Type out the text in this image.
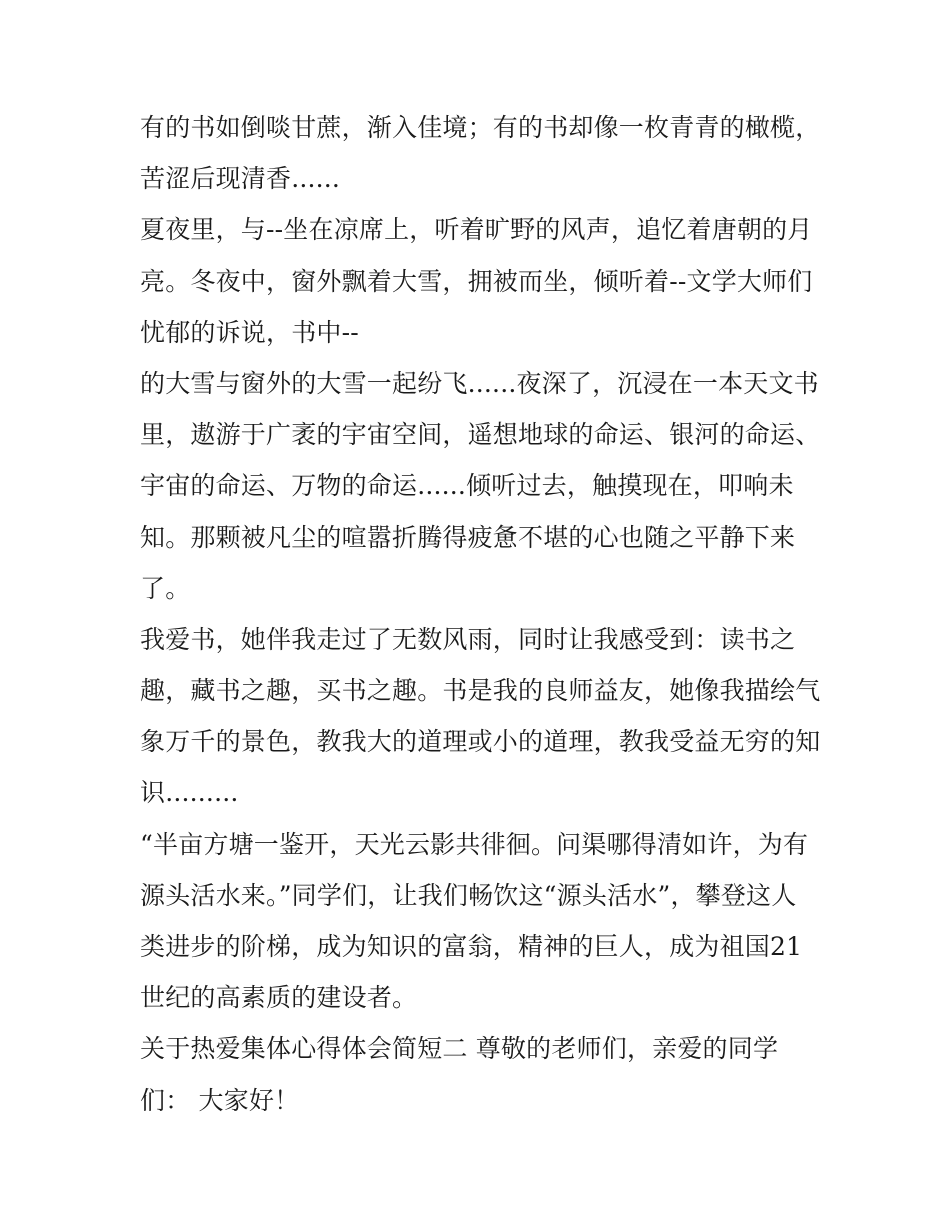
有的书如倒啖甘蔗，渐入佳境；有的书却像一枚青青的橄榄，
苦涩后现清香......
夏夜里，与--坐在凉席上，听着旷野的风声，追忆着唐朝的月
亮。冬夜中，窗外飘着大雪，拥被而坐，倾听着--文学大师们
忧郁的诉说，书中--
的大雪与窗外的大雪一起纷飞......夜深了，沉浸在一本天文书
里，遨游于广袤的宇宙空间，遥想地球的命运、银河的命运、
宇宙的命运、万物的命运......倾听过去，触摸现在，叩响未
知。那颗被凡尘的喧嚣折腾得疲惫不堪的心也随之平静下来
了。
我爱书，她伴我走过了无数风雨，同时让我感受到：读书之
趣，藏书之趣，买书之趣。书是我的良师益友，她像我描绘气
象万千的景色，教我大的道理或小的道理，教我受益无穷的知
识.........
“半亩方塘一鉴开，天光云影共徘徊。问渠哪得清如许，为有
源头活水来。”同学们，让我们畅饮这“源头活水”，攀登这人
类进步的阶梯，成为知识的富翁，精神的巨人，成为祖国21
世纪的高素质的建设者。
关于热爱集体心得体会简短二 尊敬的老师们，亲爱的同学
们： 大家好！
